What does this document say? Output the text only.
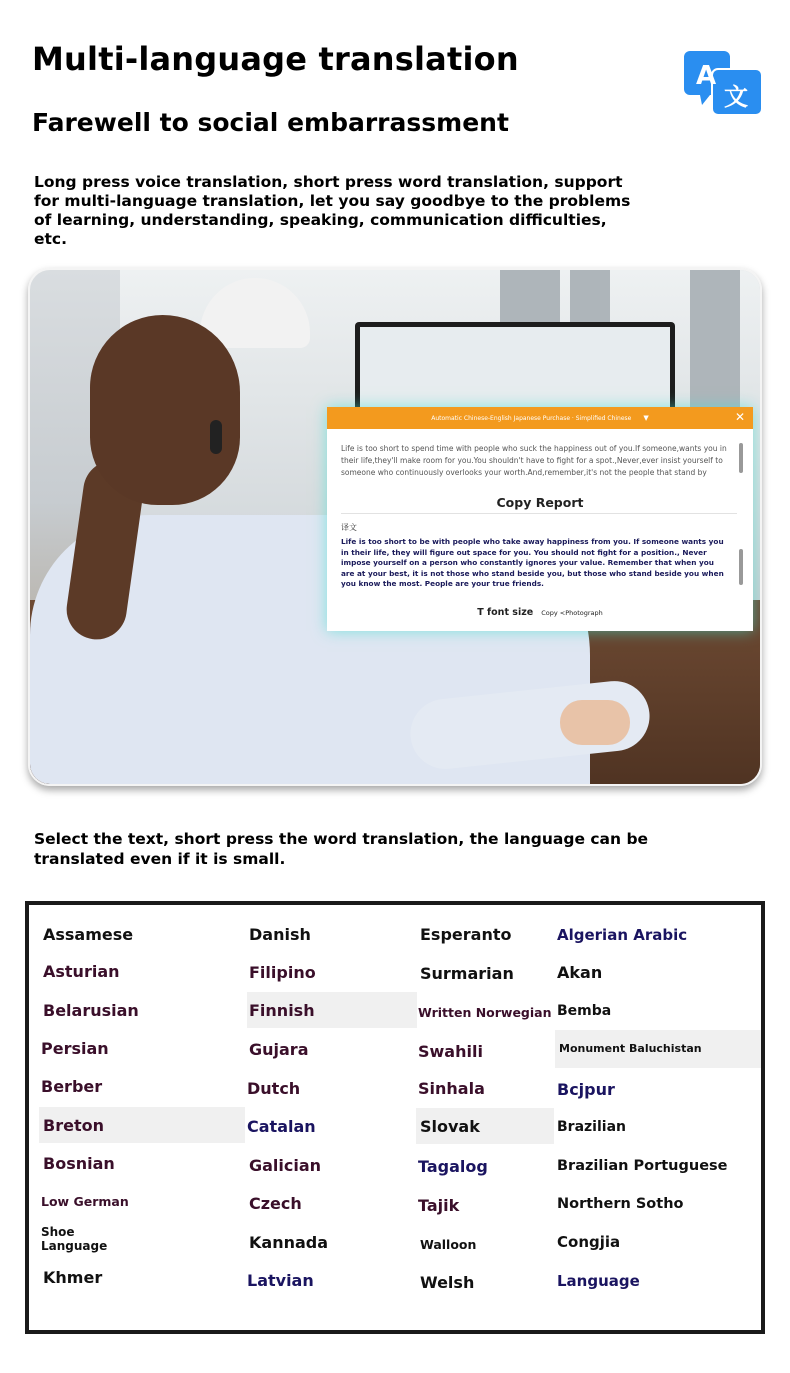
Multi-language translation
Farewell to social embarrassment
A
文
Long press voice translation, short press word translation, support for multi-language translation, let you say goodbye to the problems of learning, understanding, speaking, communication difficulties, etc.
Automatic Chinese-English Japanese Purchase · Simplified Chinese ▼	✕
Life is too short to spend time with people who suck the happiness out of you.If someone,wants you in their life,they'll make room for you.You shouldn't have to fight for a spot.,Never,ever insist yourself to someone who continuously overlooks your worth.And,remember,it's not the people that stand by
Copy Report
译文
Life is too short to be with people who take away happiness from you. If someone wants you in their life, they will figure out space for you. You should not fight for a position., Never impose yourself on a person who constantly ignores your value. Remember that when you are at your best, it is not those who stand beside you, but those who stand beside you when you know the most. People are your true friends.
T font size Copy <Photograph
Select the text, short press the word translation, the language can be translated even if it is small.
Assamese
Asturian
Belarusian
Persian
Berber
Breton
Bosnian
Low German
Shoe Language
Khmer
Danish
Filipino
Finnish
Gujara
Dutch
Catalan
Galician
Czech
Kannada
Latvian
Esperanto
Surmarian
Written Norwegian
Swahili
Sinhala
Slovak
Tagalog
Tajik
Walloon
Welsh
Algerian Arabic
Akan
Bemba
Monument Baluchistan
Bcjpur
Brazilian
Brazilian Portuguese
Northern Sotho
Congjia
Language
